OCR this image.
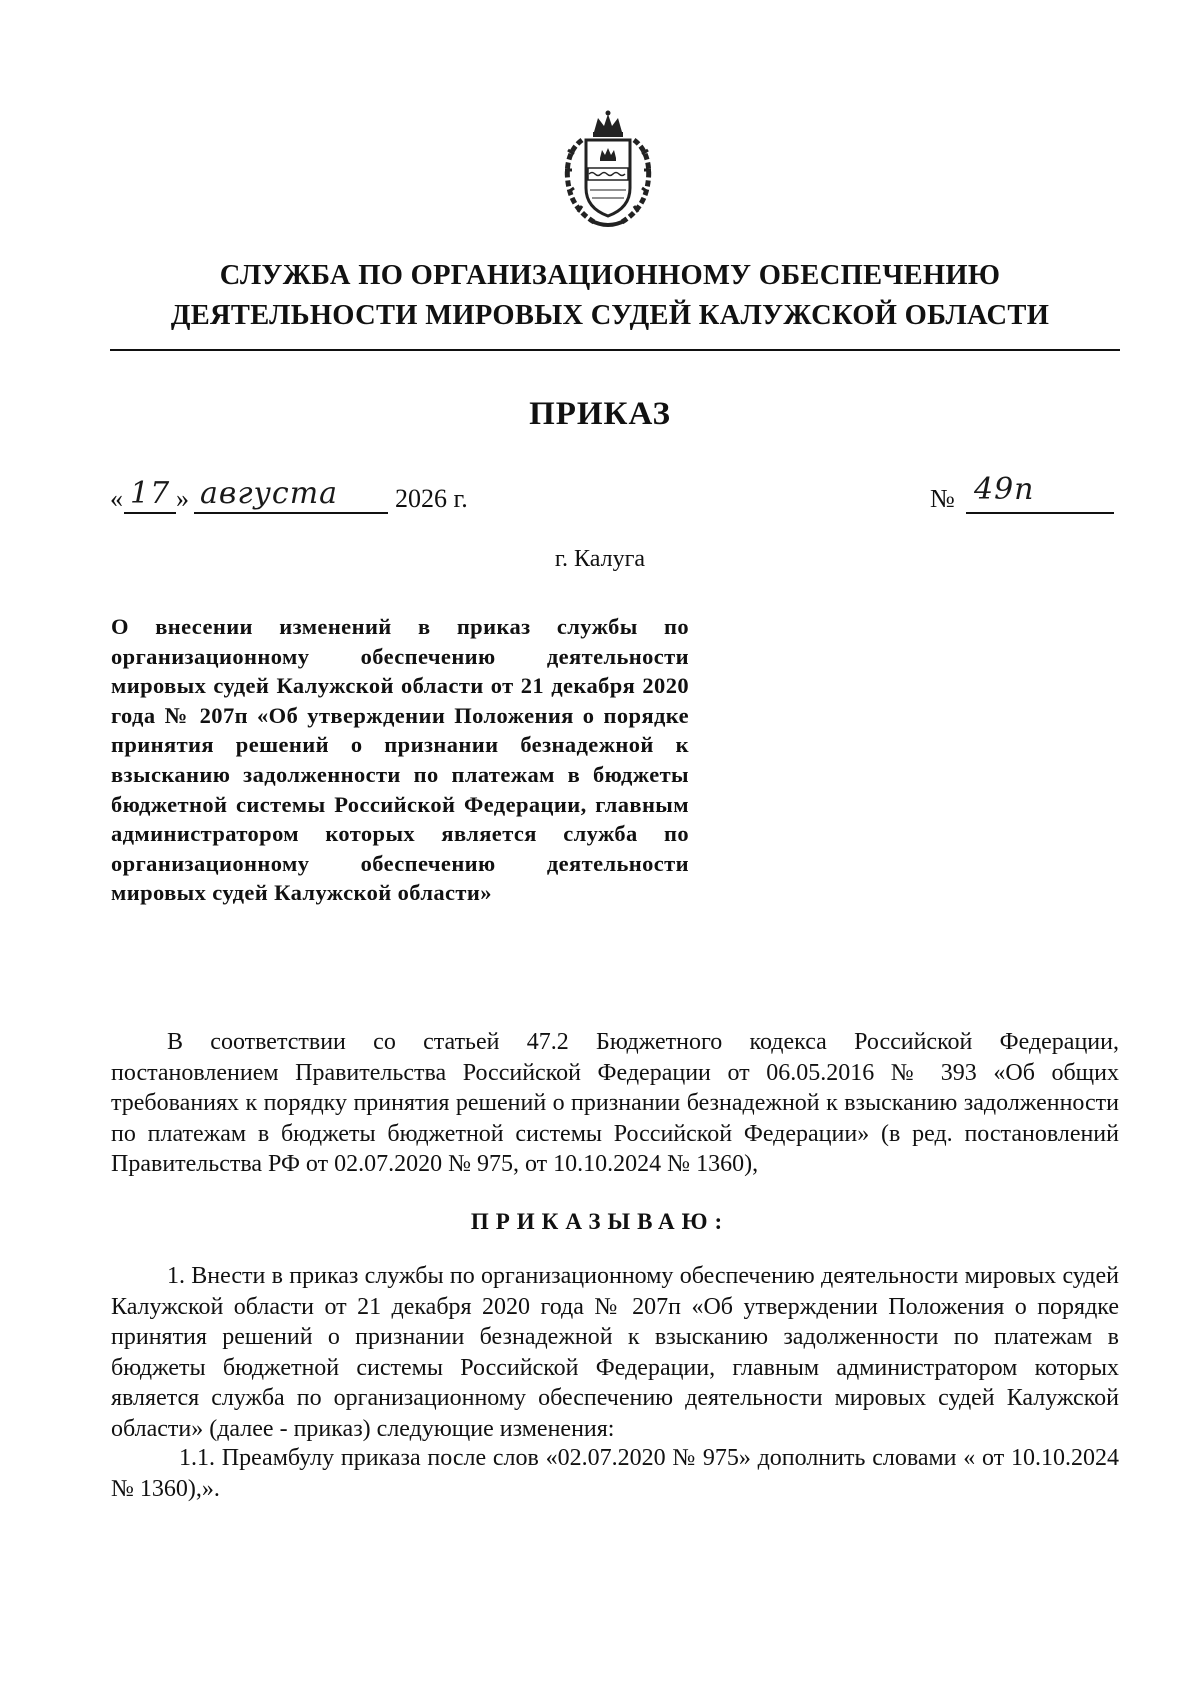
СЛУЖБА ПО ОРГАНИЗАЦИОННОМУ ОБЕСПЕЧЕНИЮ
ДЕЯТЕЛЬНОСТИ МИРОВЫХ СУДЕЙ КАЛУЖСКОЙ ОБЛАСТИ
ПРИКАЗ
« 17 » августа 2026 г.	№ 49п
г. Калуга
О внесении изменений в приказ службы по организационному обеспечению деятельности мировых судей Калужской области от 21 декабря 2020 года № 207п «Об утверждении Положения о порядке принятия решений о признании безнадежной к взысканию задолженности по платежам в бюджеты бюджетной системы Российской Федерации, главным администратором которых является служба по организационному обеспечению деятельности мировых судей Калужской области»
В соответствии со статьей 47.2 Бюджетного кодекса Российской Федерации, постановлением Правительства Российской Федерации от 06.05.2016 № 393 «Об общих требованиях к порядку принятия решений о признании безнадежной к взысканию задолженности по платежам в бюджеты бюджетной системы Российской Федерации» (в ред. постановлений Правительства РФ от 02.07.2020 № 975, от 10.10.2024 № 1360),
ПРИКАЗЫВАЮ:
1. Внести в приказ службы по организационному обеспечению деятельности мировых судей Калужской области от 21 декабря 2020 года № 207п «Об утверждении Положения о порядке принятия решений о признании безнадежной к взысканию задолженности по платежам в бюджеты бюджетной системы Российской Федерации, главным администратором которых является служба по организационному обеспечению деятельности мировых судей Калужской области» (далее - приказ) следующие изменения:
1.1. Преамбулу приказа после слов «02.07.2020 № 975» дополнить словами « от 10.10.2024 № 1360),».
